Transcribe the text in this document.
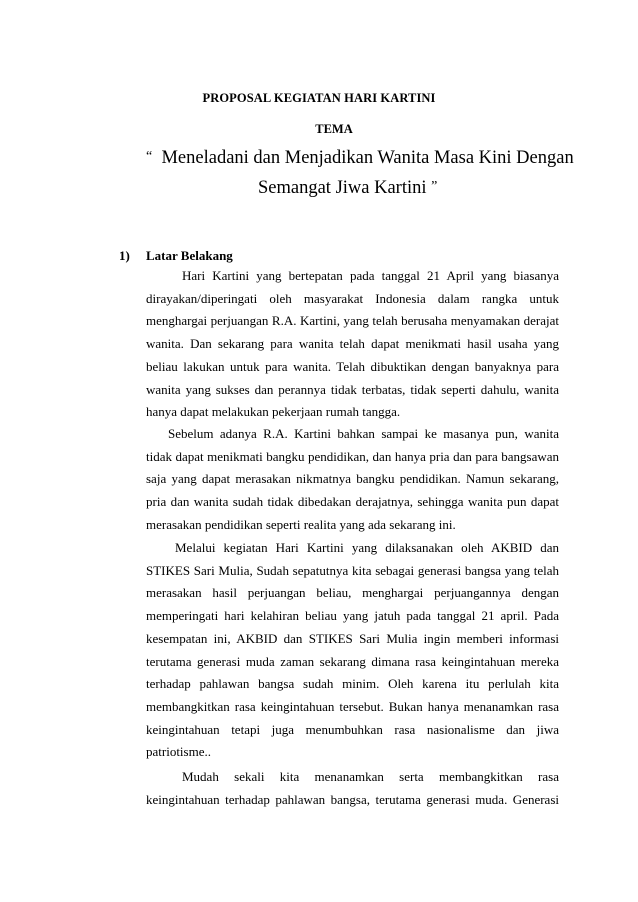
PROPOSAL KEGIATAN HARI KARTINI
TEMA
“ Meneladani dan Menjadikan Wanita Masa Kini Dengan
Semangat Jiwa Kartini ”
1) Latar Belakang

Hari Kartini yang bertepatan pada tanggal 21 April yang biasanya dirayakan/diperingati oleh masyarakat Indonesia dalam rangka untuk menghargai perjuangan R.A. Kartini, yang telah berusaha menyamakan derajat wanita. Dan sekarang para wanita telah dapat menikmati hasil usaha yang beliau lakukan untuk para wanita. Telah dibuktikan dengan banyaknya para wanita yang sukses dan perannya tidak terbatas, tidak seperti dahulu, wanita hanya dapat melakukan pekerjaan rumah tangga.

Sebelum adanya R.A. Kartini bahkan sampai ke masanya pun, wanita tidak dapat menikmati bangku pendidikan, dan hanya pria dan para bangsawan saja yang dapat merasakan nikmatnya bangku pendidikan. Namun sekarang, pria dan wanita sudah tidak dibedakan derajatnya, sehingga wanita pun dapat merasakan pendidikan seperti realita yang ada sekarang ini.

Melalui kegiatan Hari Kartini yang dilaksanakan oleh AKBID dan STIKES Sari Mulia, Sudah sepatutnya kita sebagai generasi bangsa yang telah merasakan hasil perjuangan beliau, menghargai perjuangannya dengan memperingati hari kelahiran beliau yang jatuh pada tanggal 21 april. Pada kesempatan ini, AKBID dan STIKES Sari Mulia ingin memberi informasi terutama generasi muda zaman sekarang dimana rasa keingintahuan mereka terhadap pahlawan bangsa sudah minim. Oleh karena itu perlulah kita membangkitkan rasa keingintahuan tersebut. Bukan hanya menanamkan rasa keingintahuan tetapi juga menumbuhkan rasa nasionalisme dan jiwa patriotisme..

Mudah sekali kita menanamkan serta membangkitkan rasa keingintahuan terhadap pahlawan bangsa, terutama generasi muda. Generasi
